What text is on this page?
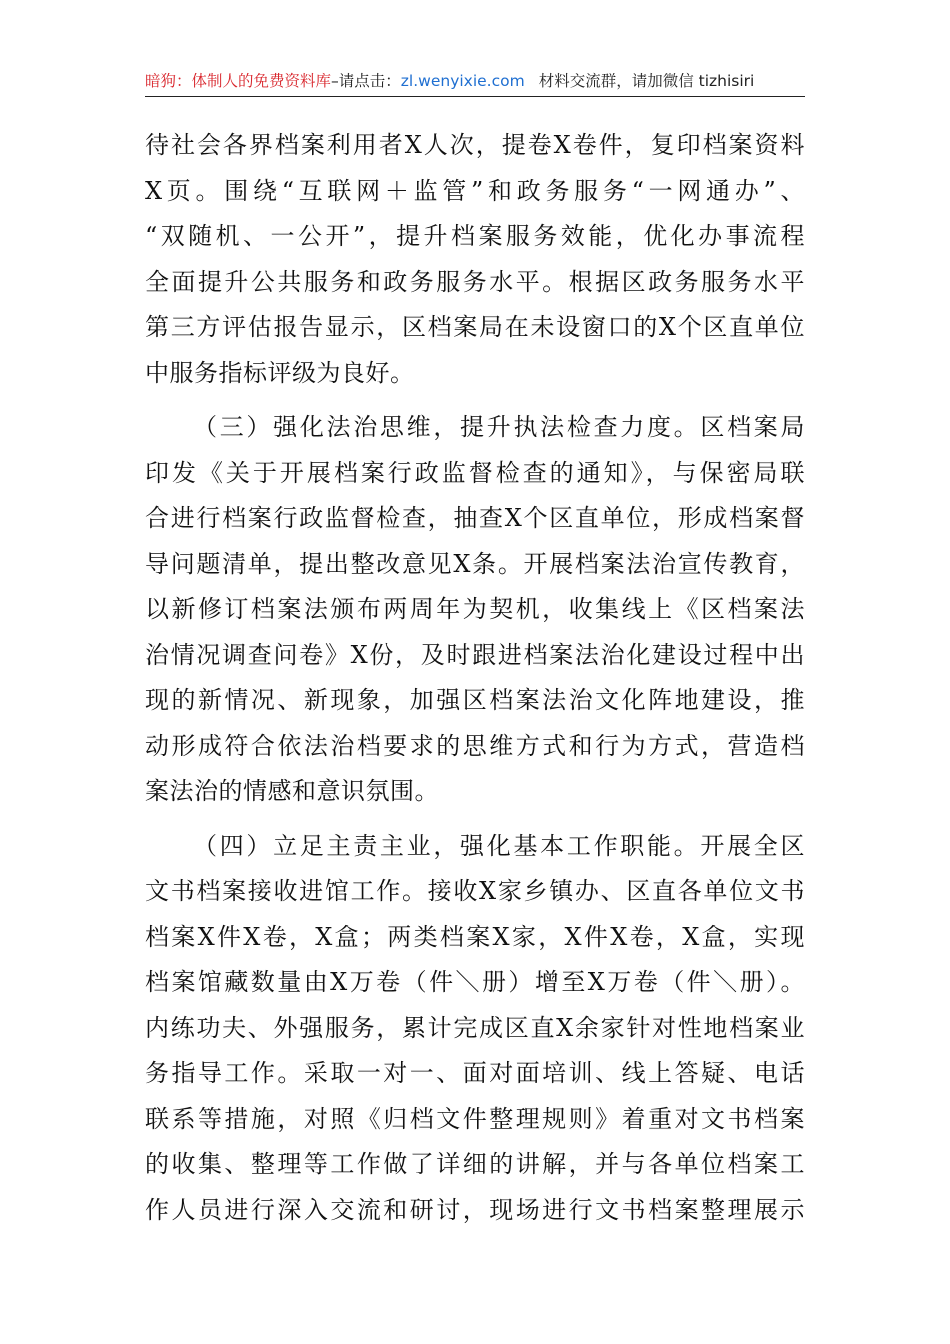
暗狗：体制人的免费资料库–请点击：zl.wenyixie.com 材料交流群，请加微信 tizhisiri
待社会各界档案利用者X人次，提卷X卷件，复印档案资料
X页。围绕“互联网＋监管”和政务服务“一网通办”、
“双随机、一公开”，提升档案服务效能，优化办事流程
全面提升公共服务和政务服务水平。根据区政务服务水平
第三方评估报告显示，区档案局在未设窗口的X个区直单位
中服务指标评级为良好。
（三）强化法治思维，提升执法检查力度。区档案局
印发《关于开展档案行政监督检查的通知》，与保密局联
合进行档案行政监督检查，抽查X个区直单位，形成档案督
导问题清单，提出整改意见X条。开展档案法治宣传教育，
以新修订档案法颁布两周年为契机，收集线上《区档案法
治情况调查问卷》X份，及时跟进档案法治化建设过程中出
现的新情况、新现象，加强区档案法治文化阵地建设，推
动形成符合依法治档要求的思维方式和行为方式，营造档
案法治的情感和意识氛围。
（四）立足主责主业，强化基本工作职能。开展全区
文书档案接收进馆工作。接收X家乡镇办、区直各单位文书
档案X件X卷，X盒；两类档案X家，X件X卷，X盒，实现
档案馆藏数量由X万卷（件＼册）增至X万卷（件＼册）。
内练功夫、外强服务，累计完成区直X余家针对性地档案业
务指导工作。采取一对一、面对面培训、线上答疑、电话
联系等措施，对照《归档文件整理规则》着重对文书档案
的收集、整理等工作做了详细的讲解，并与各单位档案工
作人员进行深入交流和研讨，现场进行文书档案整理展示
